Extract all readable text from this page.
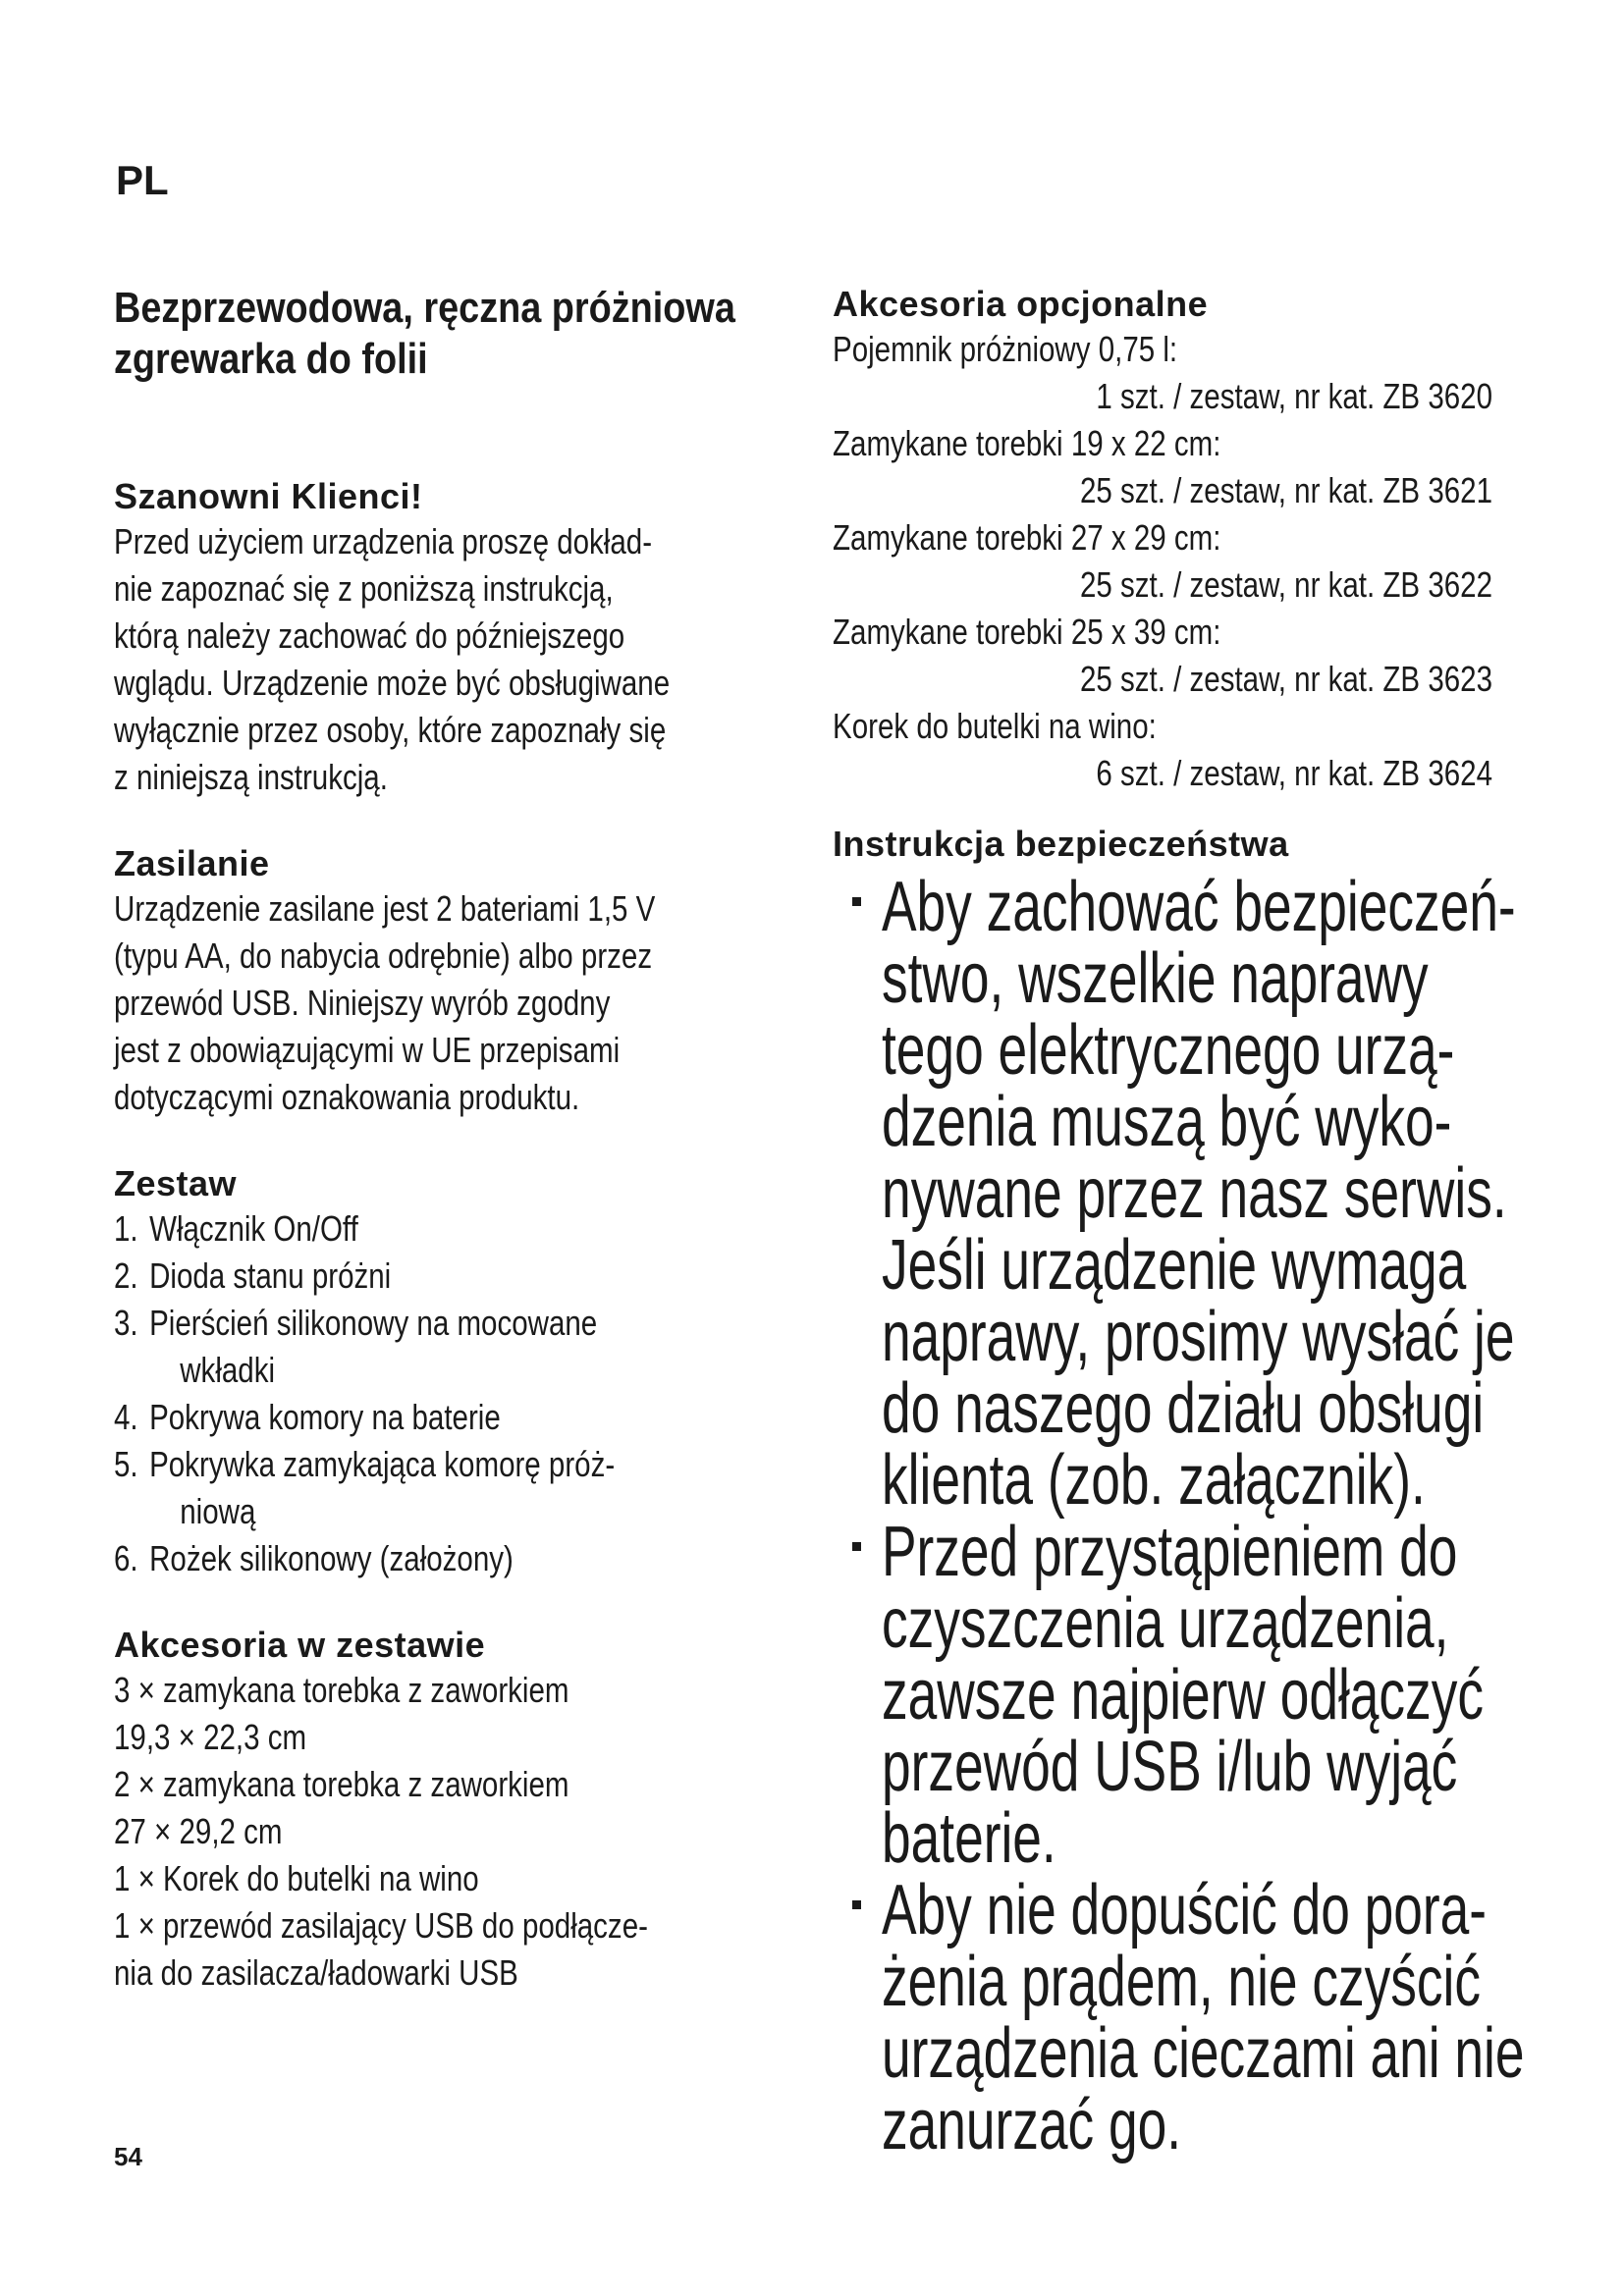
PL
Bezprzewodowa, ręczna próżniowa
zgrewarka do folii
Szanowni Klienci!
Przed użyciem urządzenia proszę dokład-
nie zapoznać się z poniższą instrukcją,
którą należy zachować do późniejszego
wglądu. Urządzenie może być obsługiwane
wyłącznie przez osoby, które zapoznały się
z niniejszą instrukcją.
Zasilanie
Urządzenie zasilane jest 2 bateriami 1,5 V
(typu AA, do nabycia odrębnie) albo przez
przewód USB. Niniejszy wyrób zgodny
jest z obowiązującymi w UE przepisami
dotyczącymi oznakowania produktu.
Zestaw
1. Włącznik On/Off
2. Dioda stanu próżni
3. Pierścień silikonowy na mocowane
wkładki
4. Pokrywa komory na baterie
5. Pokrywka zamykająca komorę próż-
niową
6. Rożek silikonowy (założony)
Akcesoria w zestawie
3 × zamykana torebka z zaworkiem
19,3 × 22,3 cm
2 × zamykana torebka z zaworkiem
27 × 29,2 cm
1 × Korek do butelki na wino
1 × przewód zasilający USB do podłącze-
nia do zasilacza/ładowarki USB
Akcesoria opcjonalne
Pojemnik próżniowy 0,75 l:
1 szt. / zestaw, nr kat. ZB 3620
Zamykane torebki 19 x 22 cm:
25 szt. / zestaw, nr kat. ZB 3621
Zamykane torebki 27 x 29 cm:
25 szt. / zestaw, nr kat. ZB 3622
Zamykane torebki 25 x 39 cm:
25 szt. / zestaw, nr kat. ZB 3623
Korek do butelki na wino:
6 szt. / zestaw, nr kat. ZB 3624
Instrukcja bezpieczeństwa
Aby zachować bezpieczeń-
stwo, wszelkie naprawy
tego elektrycznego urzą-
dzenia muszą być wyko-
nywane przez nasz serwis.
Jeśli urządzenie wymaga
naprawy, prosimy wysłać je
do naszego działu obsługi
klienta (zob. załącznik).
Przed przystąpieniem do
czyszczenia urządzenia,
zawsze najpierw odłączyć
przewód USB i/lub wyjąć
baterie.
Aby nie dopuścić do pora-
żenia prądem, nie czyścić
urządzenia cieczami ani nie
zanurzać go.
54
